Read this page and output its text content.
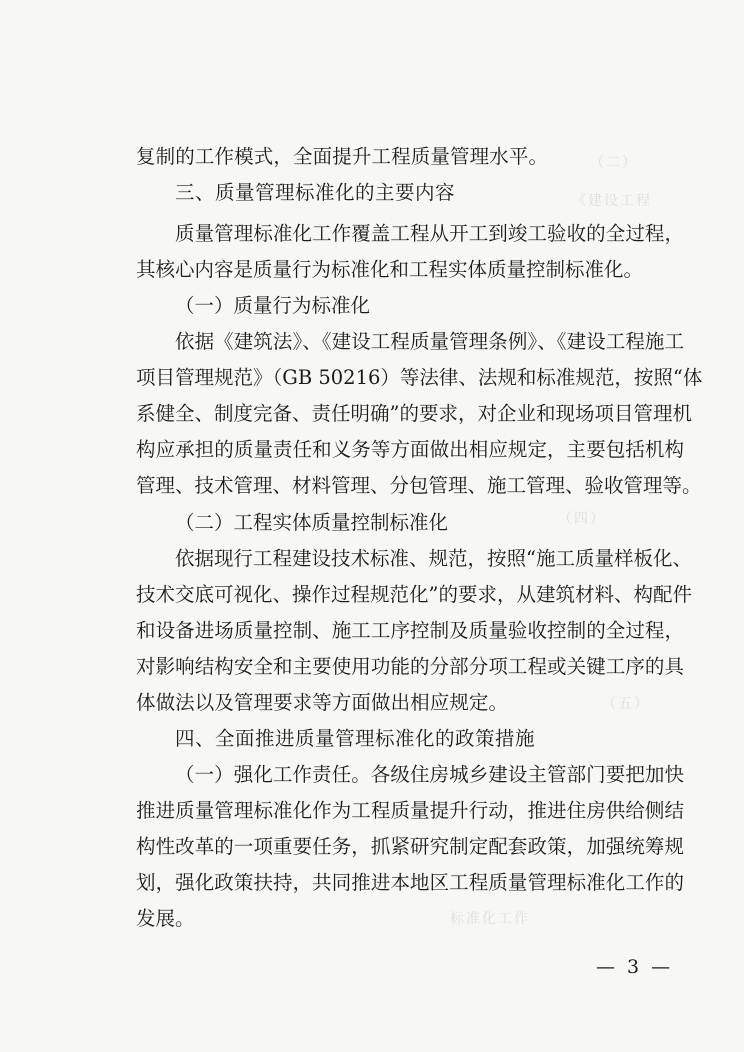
（二）
《建设工程
（四）
（五）
标准化工作
复制的工作模式，全面提升工程质量管理水平。
三、质量管理标准化的主要内容
质量管理标准化工作覆盖工程从开工到竣工验收的全过程，
其核心内容是质量行为标准化和工程实体质量控制标准化。
（一）质量行为标准化
依据《建筑法》、《建设工程质量管理条例》、《建设工程施工
项目管理规范》（GB 50216）等法律、法规和标准规范，按照“体
系健全、制度完备、责任明确”的要求，对企业和现场项目管理机
构应承担的质量责任和义务等方面做出相应规定，主要包括机构
管理、技术管理、材料管理、分包管理、施工管理、验收管理等。
（二）工程实体质量控制标准化
依据现行工程建设技术标准、规范，按照“施工质量样板化、
技术交底可视化、操作过程规范化”的要求，从建筑材料、构配件
和设备进场质量控制、施工工序控制及质量验收控制的全过程，
对影响结构安全和主要使用功能的分部分项工程或关键工序的具
体做法以及管理要求等方面做出相应规定。
四、全面推进质量管理标准化的政策措施
（一）强化工作责任。各级住房城乡建设主管部门要把加快
推进质量管理标准化作为工程质量提升行动，推进住房供给侧结
构性改革的一项重要任务，抓紧研究制定配套政策，加强统筹规
划，强化政策扶持，共同推进本地区工程质量管理标准化工作的
发展。
— 3 —
